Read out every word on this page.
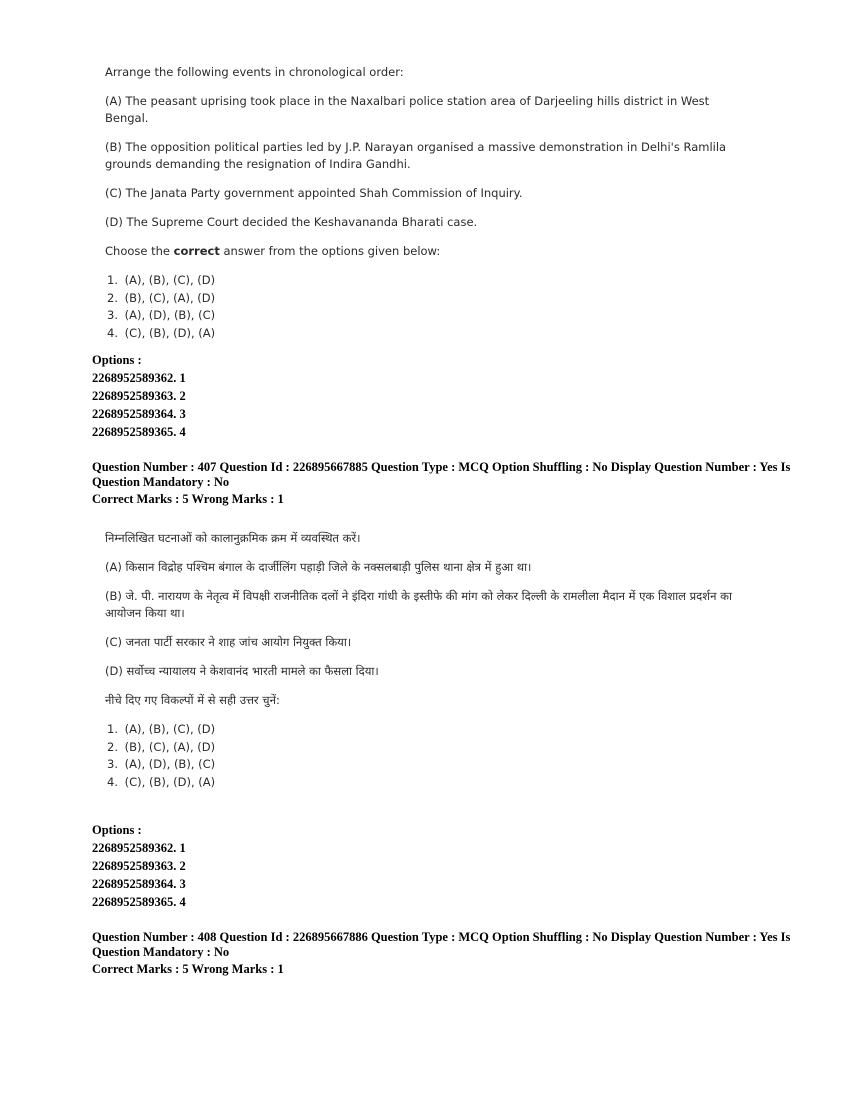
Arrange the following events in chronological order:

(A) The peasant uprising took place in the Naxalbari police station area of Darjeeling hills district in West Bengal.

(B) The opposition political parties led by J.P. Narayan organised a massive demonstration in Delhi's Ramlila grounds demanding the resignation of Indira Gandhi.

(C) The Janata Party government appointed Shah Commission of Inquiry.

(D) The Supreme Court decided the Keshavananda Bharati case.

Choose the correct answer from the options given below:

1. (A), (B), (C), (D)
2. (B), (C), (A), (D)
3. (A), (D), (B), (C)
4. (C), (B), (D), (A)
Options :
2268952589362. 1
2268952589363. 2
2268952589364. 3
2268952589365. 4
Question Number : 407 Question Id : 226895667885 Question Type : MCQ Option Shuffling : No Display Question Number : Yes Is
Question Mandatory : No
Correct Marks : 5 Wrong Marks : 1

निम्नलिखित घटनाओं को कालानुक्रमिक क्रम में व्यवस्थित करें।

(A) किसान विद्रोह पश्चिम बंगाल के दार्जीलिंग पहाड़ी जिले के नक्सलबाड़ी पुलिस थाना क्षेत्र में हुआ था।

(B) जे. पी. नारायण के नेतृत्व में विपक्षी राजनीतिक दलों ने इंदिरा गांधी के इस्तीफे की मांग को लेकर दिल्ली के रामलीला मैदान में एक विशाल प्रदर्शन का आयोजन किया था।

(C) जनता पार्टी सरकार ने शाह जांच आयोग नियुक्त किया।

(D) सर्वोच्च न्यायालय ने केशवानंद भारती मामले का फैसला दिया।

नीचे दिए गए विकल्पों में से सही उत्तर चुनें:

1. (A), (B), (C), (D)
2. (B), (C), (A), (D)
3. (A), (D), (B), (C)
4. (C), (B), (D), (A)
Options :
2268952589362. 1
2268952589363. 2
2268952589364. 3
2268952589365. 4
Question Number : 408 Question Id : 226895667886 Question Type : MCQ Option Shuffling : No Display Question Number : Yes Is
Question Mandatory : No
Correct Marks : 5 Wrong Marks : 1
